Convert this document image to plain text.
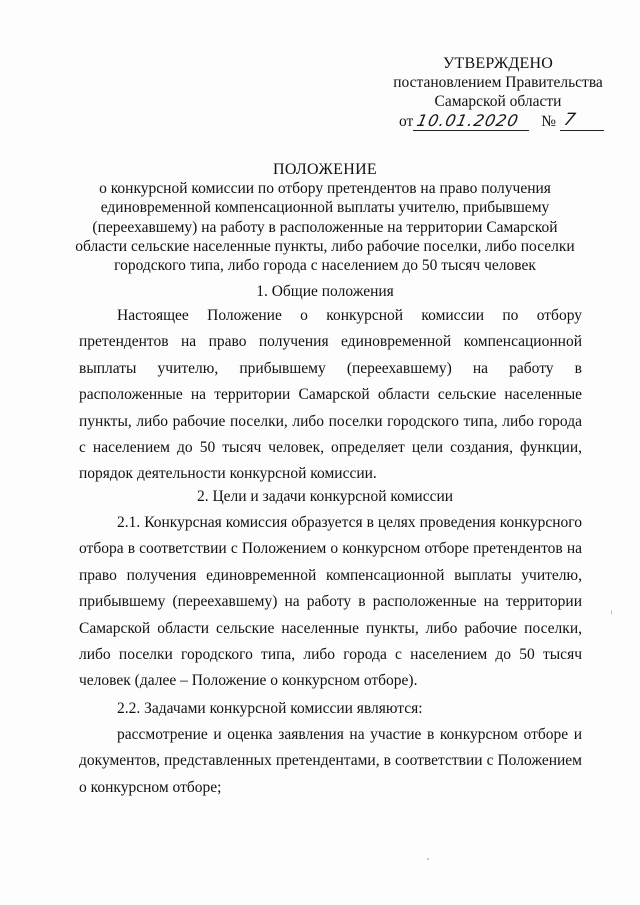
УТВЕРЖДЕНО
постановлением Правительства
Самарской области
от 10.01.2020 № 7
ПОЛОЖЕНИЕ
о конкурсной комиссии по отбору претендентов на право получения
единовременной компенсационной выплаты учителю, прибывшему
(переехавшему) на работу в расположенные на территории Самарской
области сельские населенные пункты, либо рабочие поселки, либо поселки
городского типа, либо города с населением до 50 тысяч человек
1. Общие положения
Настоящее Положение о конкурсной комиссии по отбору претендентов на право получения единовременной компенсационной выплаты учителю, прибывшему (переехавшему) на работу в расположенные на территории Самарской области сельские населенные пункты, либо рабочие поселки, либо поселки городского типа, либо города с населением до 50 тысяч человек, определяет цели создания, функции, порядок деятельности конкурсной комиссии.
2. Цели и задачи конкурсной комиссии
2.1. Конкурсная комиссия образуется в целях проведения конкурсного отбора в соответствии с Положением о конкурсном отборе претендентов на право получения единовременной компенсационной выплаты учителю, прибывшему (переехавшему) на работу в расположенные на территории Самарской области сельские населенные пункты, либо рабочие поселки, либо поселки городского типа, либо города с населением до 50 тысяч человек (далее – Положение о конкурсном отборе).
2.2. Задачами конкурсной комиссии являются:
рассмотрение и оценка заявления на участие в конкурсном отборе и документов, представленных претендентами, в соответствии с Положением о конкурсном отборе;
